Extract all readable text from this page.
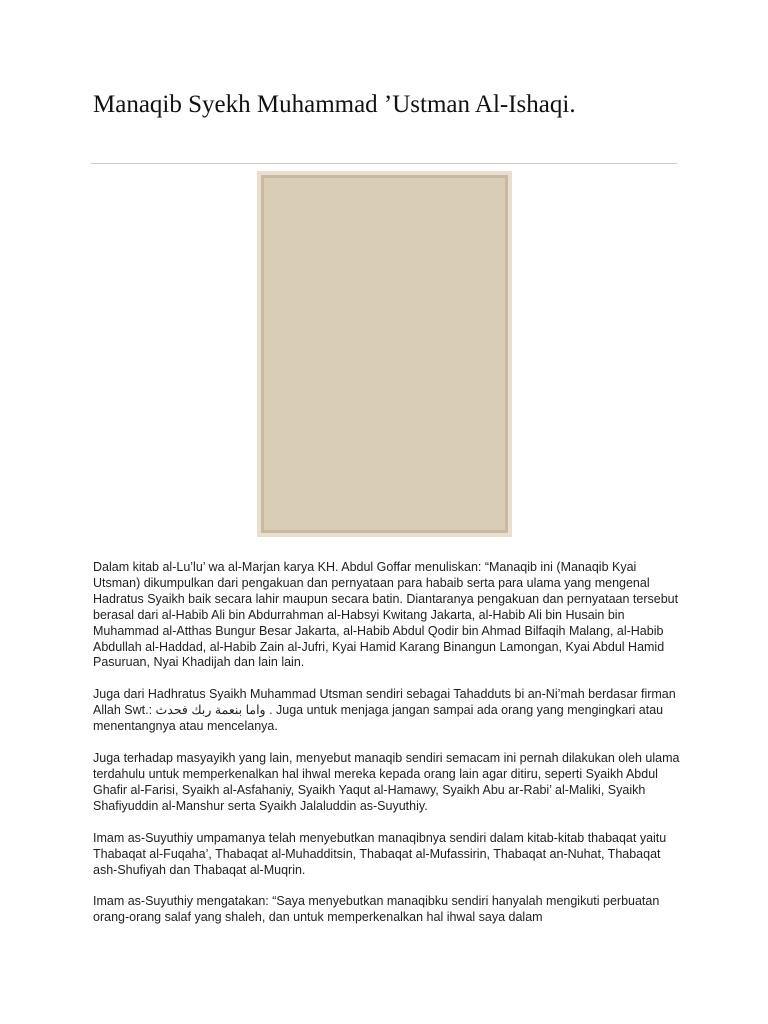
Manaqib Syekh Muhammad ’Ustman Al-Ishaqi.

Dalam kitab al-Lu’lu’ wa al-Marjan karya KH. Abdul Goffar menuliskan: “Manaqib ini (Manaqib Kyai Utsman) dikumpulkan dari pengakuan dan pernyataan para habaib serta para ulama yang mengenal Hadratus Syaikh baik secara lahir maupun secara batin. Diantaranya pengakuan dan pernyataan tersebut berasal dari al-Habib Ali bin Abdurrahman al-Habsyi Kwitang Jakarta, al-Habib Ali bin Husain bin Muhammad al-Atthas Bungur Besar Jakarta, al-Habib Abdul Qodir bin Ahmad Bilfaqih Malang, al-Habib Abdullah al-Haddad, al-Habib Zain al-Jufri, Kyai Hamid Karang Binangun Lamongan, Kyai Abdul Hamid Pasuruan, Nyai Khadijah dan lain lain.

Juga dari Hadhratus Syaikh Muhammad Utsman sendiri sebagai Tahadduts bi an-Ni’mah berdasar firman Allah Swt.: واما بنعمة ربك فحدث . Juga untuk menjaga jangan sampai ada orang yang mengingkari atau menentangnya atau mencelanya.

Juga terhadap masyayikh yang lain, menyebut manaqib sendiri semacam ini pernah dilakukan oleh ulama terdahulu untuk memperkenalkan hal ihwal mereka kepada orang lain agar ditiru, seperti Syaikh Abdul Ghafir al-Farisi, Syaikh al-Asfahaniy, Syaikh Yaqut al-Hamawy, Syaikh Abu ar-Rabi’ al-Maliki, Syaikh Shafiyuddin al-Manshur serta Syaikh Jalaluddin as-Suyuthiy.

Imam as-Suyuthiy umpamanya telah menyebutkan manaqibnya sendiri dalam kitab-kitab thabaqat yaitu Thabaqat al-Fuqaha’, Thabaqat al-Muhadditsin, Thabaqat al-Mufassirin, Thabaqat an-Nuhat, Thabaqat ash-Shufiyah dan Thabaqat al-Muqrin.

Imam as-Suyuthiy mengatakan: “Saya menyebutkan manaqibku sendiri hanyalah mengikuti perbuatan orang-orang salaf yang shaleh, dan untuk memperkenalkan hal ihwal saya dalam
